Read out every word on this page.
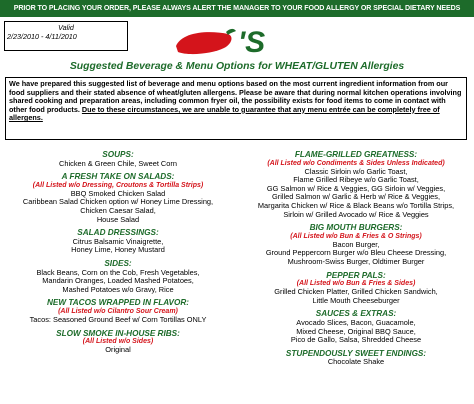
PRIOR TO PLACING YOUR ORDER, PLEASE ALWAYS ALERT THE MANAGER TO YOUR FOOD ALLERGY OR SPECIAL DIETARY NEEDS
Valid
2/23/2010 - 4/11/2010	'S
Suggested Beverage & Menu Options for WHEAT/GLUTEN Allergies
We have prepared this suggested list of beverage and menu options based on the most current ingredient information from our food suppliers and their stated absence of wheat/gluten allergens. Please be aware that during normal kitchen operations involving shared cooking and preparation areas, including common fryer oil, the possibility exists for food items to come in contact with other food products. Due to these circumstances, we are unable to guarantee that any menu entrée can be completely free of allergens.
SOUPS:
Chicken & Green Chile, Sweet Corn
A FRESH TAKE ON SALADS:
(All Listed w/o Dressing, Croutons & Tortilla Strips)
BBQ Smoked Chicken Salad
Caribbean Salad Chicken option w/ Honey Lime Dressing,
Chicken Caesar Salad,
House Salad
SALAD DRESSINGS:
Citrus Balsamic Vinaigrette,
Honey Lime, Honey Mustard
SIDES:
Black Beans, Corn on the Cob, Fresh Vegetables,
Mandarin Oranges, Loaded Mashed Potatoes,
Mashed Potatoes w/o Gravy, Rice
NEW TACOS WRAPPED IN FLAVOR:
(All Listed w/o Cilantro Sour Cream)
Tacos: Seasoned Ground Beef w/ Corn Tortillas ONLY
SLOW SMOKE IN-HOUSE RIBS:
(All Listed w/o Sides)
Original
FLAME-GRILLED GREATNESS:
(All Listed w/o Condiments & Sides Unless Indicated)
Classic Sirloin w/o Garlic Toast,
Flame Grilled Ribeye w/o Garlic Toast,
GG Salmon w/ Rice & Veggies, GG Sirloin w/ Veggies,
Grilled Salmon w/ Garlic & Herb w/ Rice & Veggies,
Margarita Chicken w/ Rice & Black Beans w/o Tortilla Strips,
Sirloin w/ Grilled Avocado w/ Rice & Veggies
BIG MOUTH BURGERS:
(All Listed w/o Bun & Fries & O Strings)
Bacon Burger,
Ground Peppercorn Burger w/o Bleu Cheese Dressing,
Mushroom-Swiss Burger, Oldtimer Burger
PEPPER PALS:
(All Listed w/o Bun & Fries & Sides)
Grilled Chicken Platter, Grilled Chicken Sandwich,
Little Mouth Cheeseburger
SAUCES & EXTRAS:
Avocado Slices, Bacon, Guacamole,
Mixed Cheese, Original BBQ Sauce,
Pico de Gallo, Salsa, Shredded Cheese
STUPENDOUSLY SWEET ENDINGS:
Chocolate Shake
